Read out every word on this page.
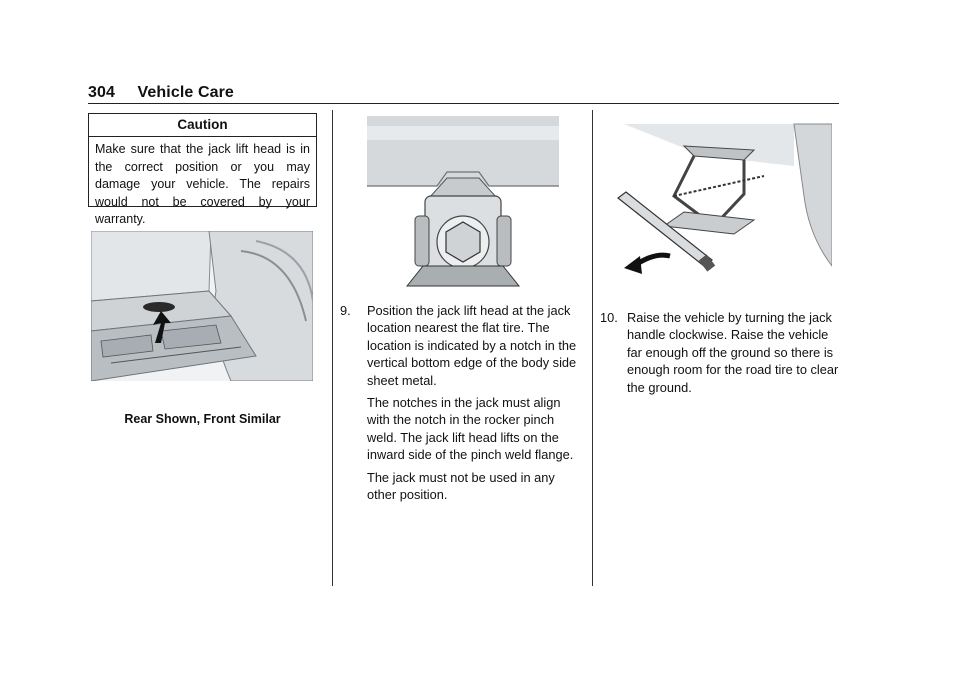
304 Vehicle Care
Caution
Make sure that the jack lift head is in the correct position or you may damage your vehicle. The repairs would not be covered by your warranty.
Rear Shown, Front Similar
9. Position the jack lift head at the jack location nearest the flat tire. The location is indicated by a notch in the vertical bottom edge of the body side sheet metal.

The notches in the jack must align with the notch in the rocker pinch weld. The jack lift head lifts on the inward side of the pinch weld flange.

The jack must not be used in any other position.

10. Raise the vehicle by turning the jack handle clockwise. Raise the vehicle far enough off the ground so there is enough room for the road tire to clear the ground.
